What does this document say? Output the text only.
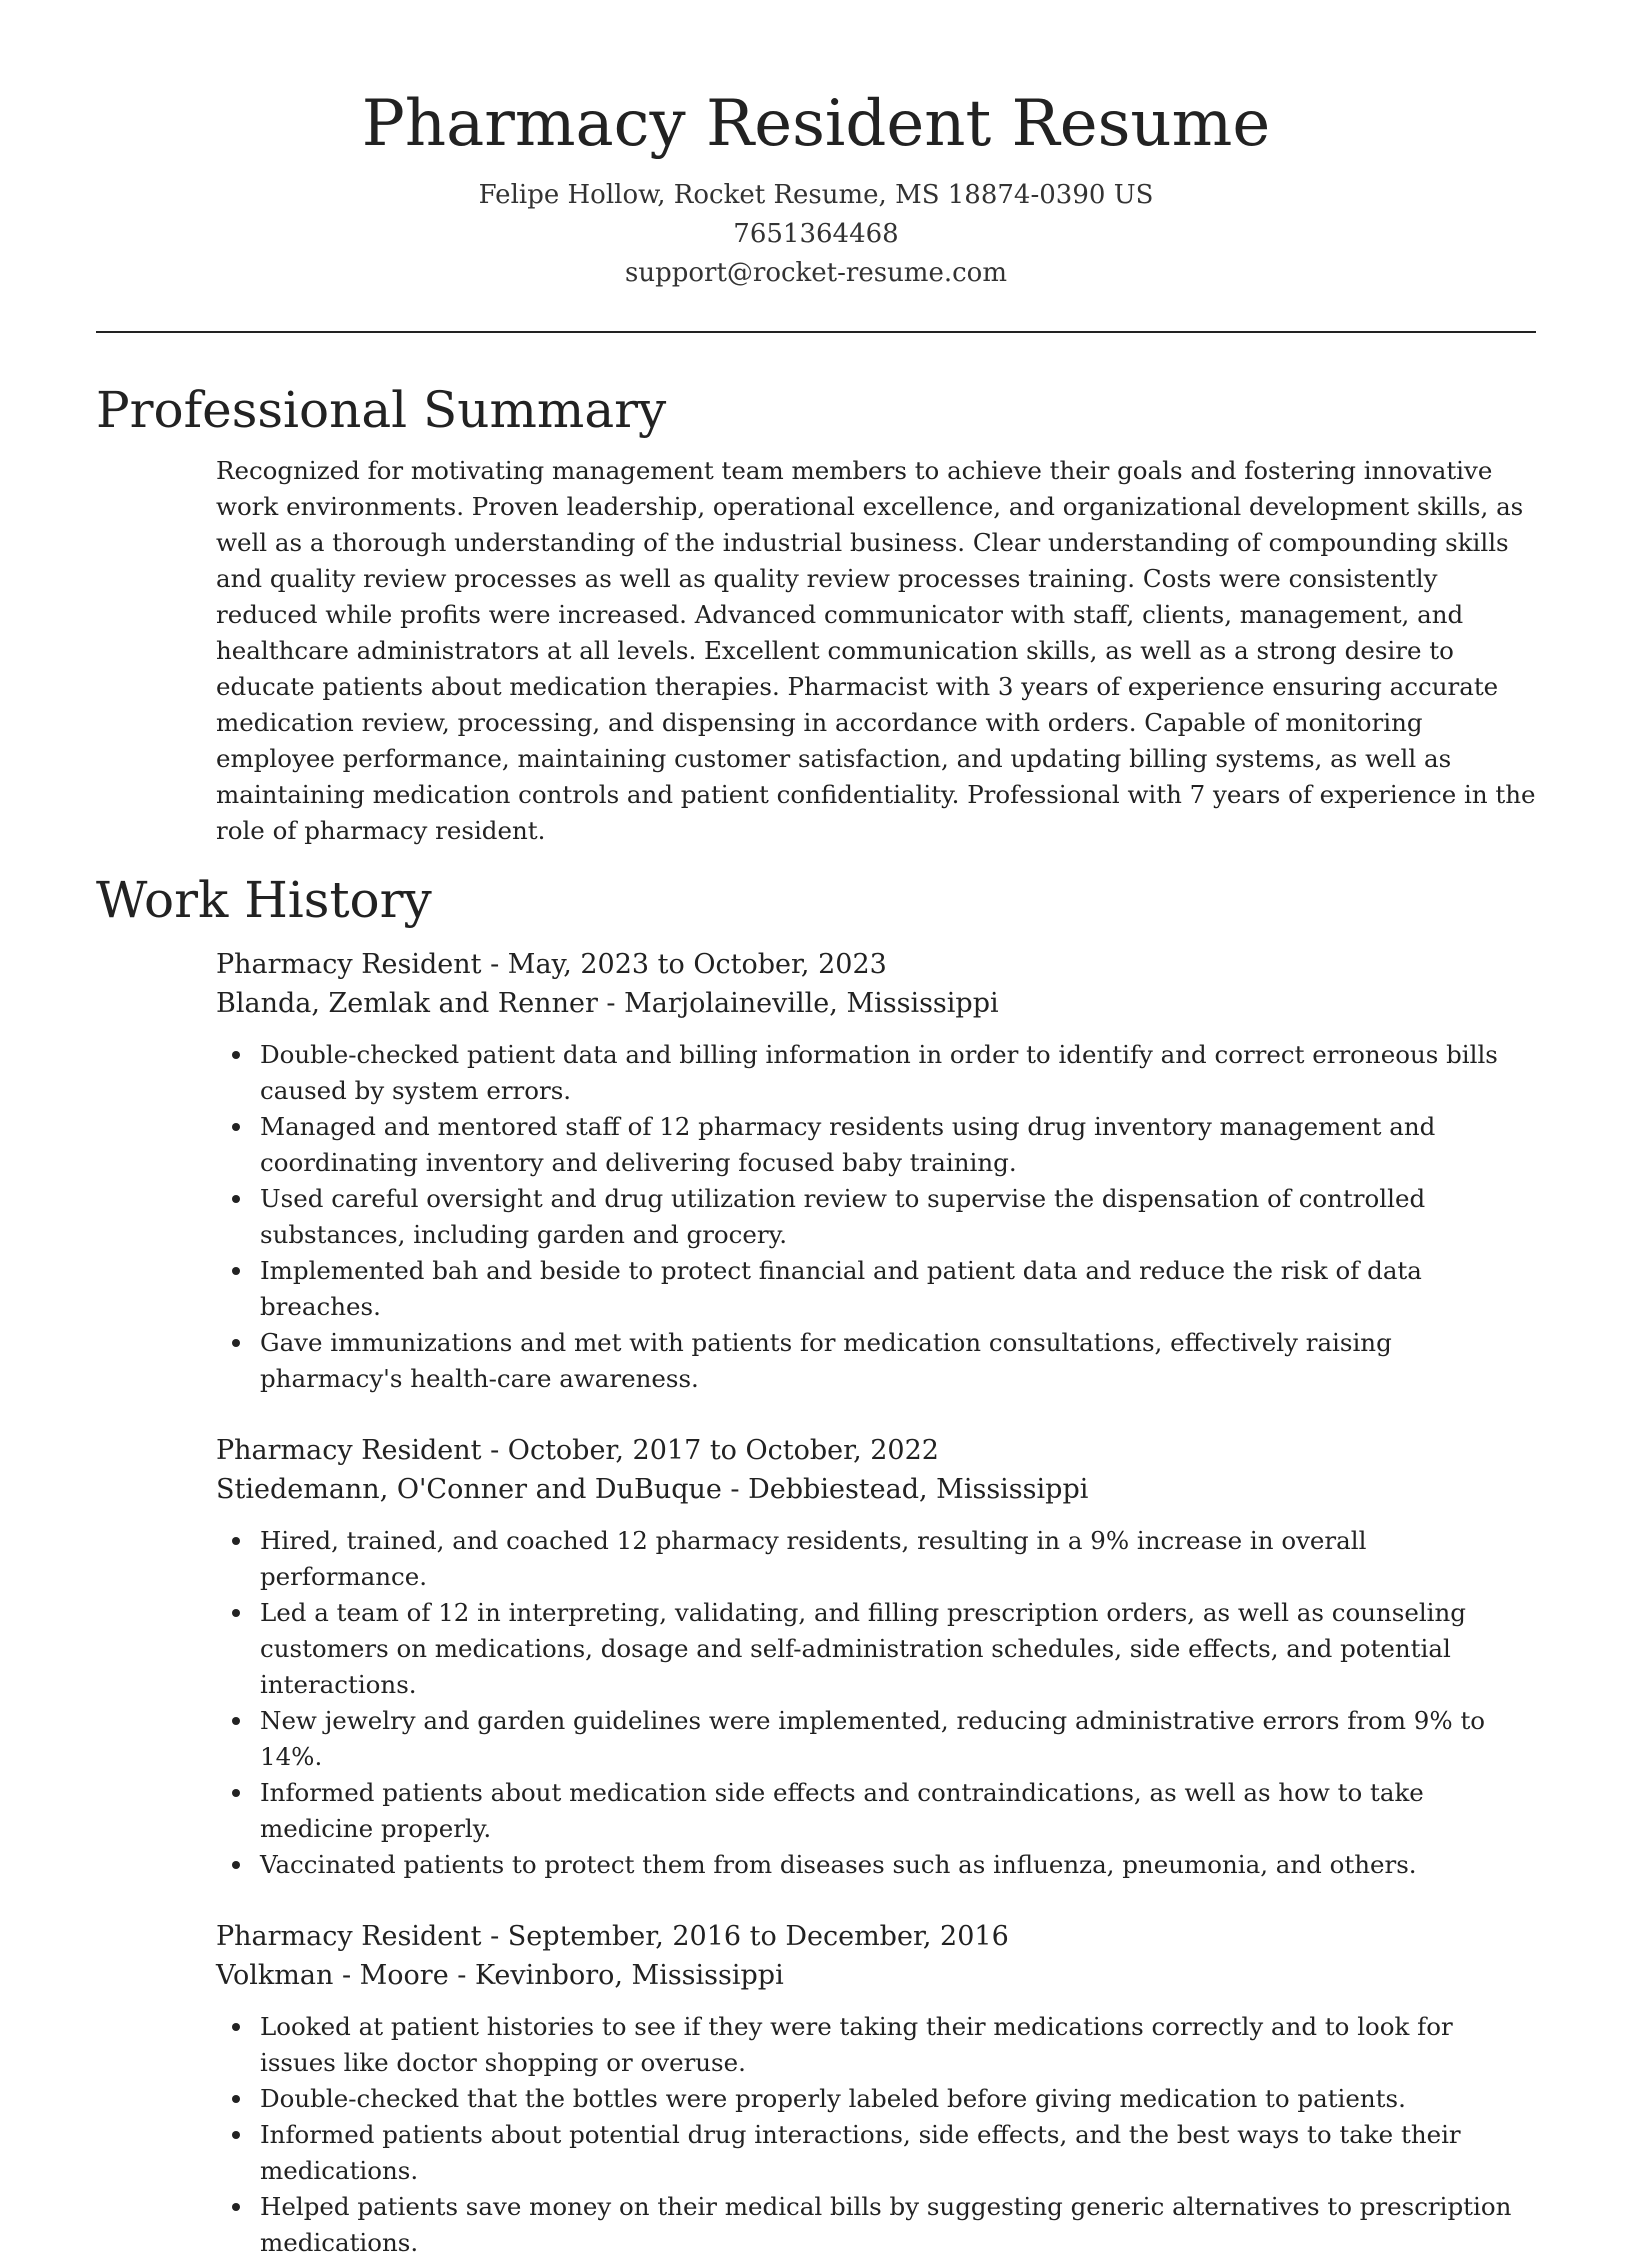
Pharmacy Resident Resume
Felipe Hollow, Rocket Resume, MS 18874-0390 US
7651364468
support@rocket-resume.com
Professional Summary

Recognized for motivating management team members to achieve their goals and fostering innovative work environments. Proven leadership, operational excellence, and organizational development skills, as well as a thorough understanding of the industrial business. Clear understanding of compounding skills and quality review processes as well as quality review processes training. Costs were consistently reduced while profits were increased. Advanced communicator with staff, clients, management, and healthcare administrators at all levels. Excellent communication skills, as well as a strong desire to educate patients about medication therapies. Pharmacist with 3 years of experience ensuring accurate medication review, processing, and dispensing in accordance with orders. Capable of monitoring employee performance, maintaining customer satisfaction, and updating billing systems, as well as maintaining medication controls and patient confidentiality. Professional with 7 years of experience in the role of pharmacy resident.

Work History
Pharmacy Resident - May, 2023 to October, 2023
Blanda, Zemlak and Renner - Marjolaineville, Mississippi
Double-checked patient data and billing information in order to identify and correct erroneous bills caused by system errors.
Managed and mentored staff of 12 pharmacy residents using drug inventory management and coordinating inventory and delivering focused baby training.
Used careful oversight and drug utilization review to supervise the dispensation of controlled substances, including garden and grocery.
Implemented bah and beside to protect financial and patient data and reduce the risk of data breaches.
Gave immunizations and met with patients for medication consultations, effectively raising pharmacy's health-care awareness.
Pharmacy Resident - October, 2017 to October, 2022
Stiedemann, O'Conner and DuBuque - Debbiestead, Mississippi
Hired, trained, and coached 12 pharmacy residents, resulting in a 9% increase in overall performance.
Led a team of 12 in interpreting, validating, and filling prescription orders, as well as counseling customers on medications, dosage and self-administration schedules, side effects, and potential interactions.
New jewelry and garden guidelines were implemented, reducing administrative errors from 9% to 14%.
Informed patients about medication side effects and contraindications, as well as how to take medicine properly.
Vaccinated patients to protect them from diseases such as influenza, pneumonia, and others.
Pharmacy Resident - September, 2016 to December, 2016
Volkman - Moore - Kevinboro, Mississippi
Looked at patient histories to see if they were taking their medications correctly and to look for issues like doctor shopping or overuse.
Double-checked that the bottles were properly labeled before giving medication to patients.
Informed patients about potential drug interactions, side effects, and the best ways to take their medications.
Helped patients save money on their medical bills by suggesting generic alternatives to prescription medications.
